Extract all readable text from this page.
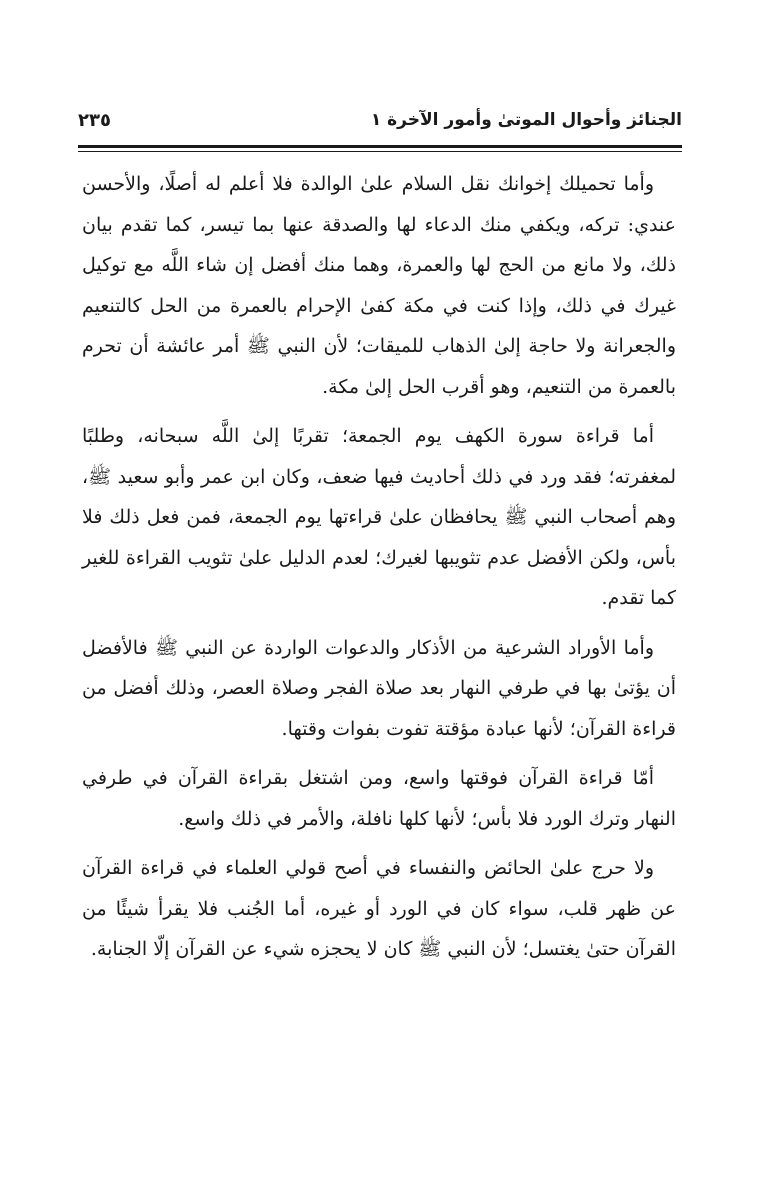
الجنائز وأحوال الموتىٰ وأمور الآخرة ١
٢٣٥

وأما تحميلك إخوانك نقل السلام علىٰ الوالدة فلا أعلم له أصلًا، والأحسن عندي: تركه، ويكفي منك الدعاء لها والصدقة عنها بما تيسر، كما تقدم بيان ذلك، ولا مانع من الحج لها والعمرة، وهما منك أفضل إن شاء اللَّه مع توكيل غيرك في ذلك، وإذا كنت في مكة كفىٰ الإحرام بالعمرة من الحل كالتنعيم والجعرانة ولا حاجة إلىٰ الذهاب للميقات؛ لأن النبي ﷺ أمر عائشة أن تحرم بالعمرة من التنعيم، وهو أقرب الحل إلىٰ مكة.

أما قراءة سورة الكهف يوم الجمعة؛ تقربًا إلىٰ اللَّه سبحانه، وطلبًا لمغفرته؛ فقد ورد في ذلك أحاديث فيها ضعف، وكان ابن عمر وأبو سعيد ﷺ، وهم أصحاب النبي ﷺ يحافظان علىٰ قراءتها يوم الجمعة، فمن فعل ذلك فلا بأس، ولكن الأفضل عدم تثويبها لغيرك؛ لعدم الدليل علىٰ تثويب القراءة للغير كما تقدم.

وأما الأوراد الشرعية من الأذكار والدعوات الواردة عن النبي ﷺ فالأفضل أن يؤتىٰ بها في طرفي النهار بعد صلاة الفجر وصلاة العصر، وذلك أفضل من قراءة القرآن؛ لأنها عبادة مؤقتة تفوت بفوات وقتها.

أمّا قراءة القرآن فوقتها واسع، ومن اشتغل بقراءة القرآن في طرفي النهار وترك الورد فلا بأس؛ لأنها كلها نافلة، والأمر في ذلك واسع.

ولا حرج علىٰ الحائض والنفساء في أصح قولي العلماء في قراءة القرآن عن ظهر قلب، سواء كان في الورد أو غيره، أما الجُنب فلا يقرأ شيئًا من القرآن حتىٰ يغتسل؛ لأن النبي ﷺ كان لا يحجزه شيء عن القرآن إلّا الجنابة.
